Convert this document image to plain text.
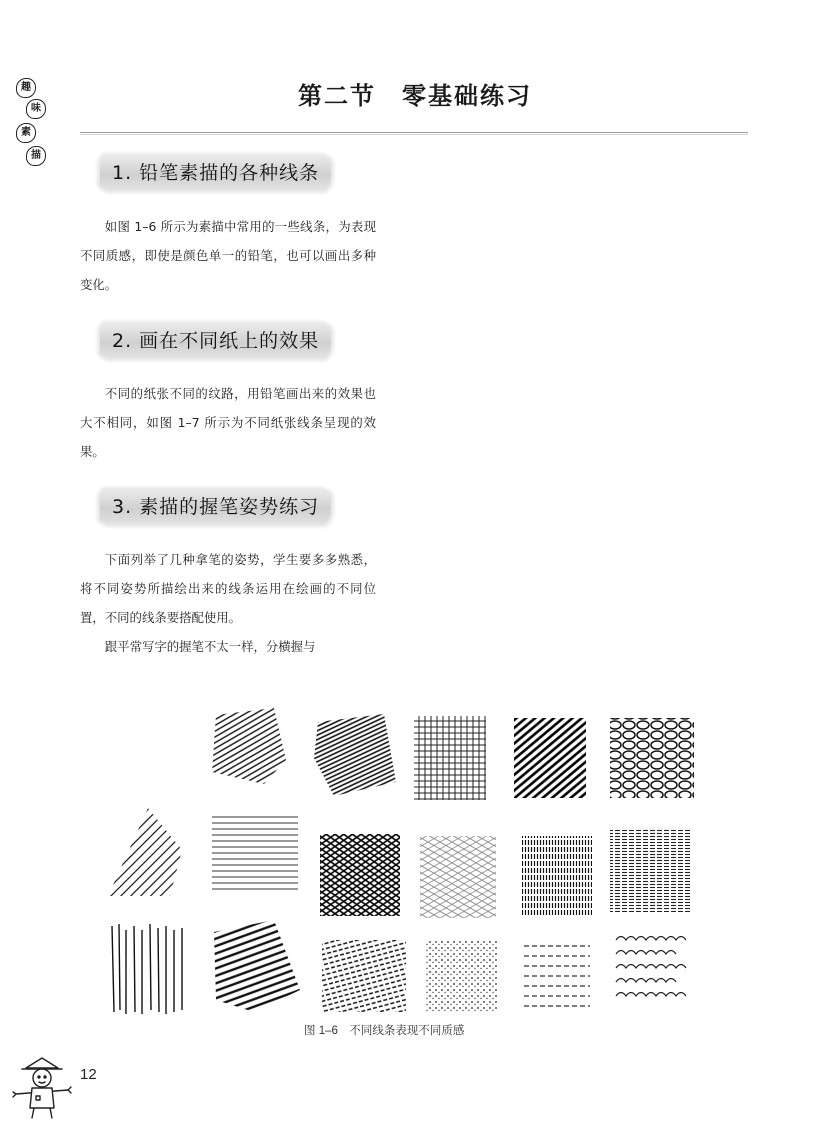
趣
味
素
描
第二节　零基础练习
1. 铅笔素描的各种线条

如图 1–6 所示为素描中常用的一些线条，为表现不同质感，即使是颜色单一的铅笔，也可以画出多种变化。

2. 画在不同纸上的效果

不同的纸张不同的纹路，用铅笔画出来的效果也大不相同，如图 1–7 所示为不同纸张线条呈现的效果。

3. 素描的握笔姿势练习

下面列举了几种拿笔的姿势，学生要多多熟悉，将不同姿势所描绘出来的线条运用在绘画的不同位置，不同的线条要搭配使用。

跟平常写字的握笔不太一样，分横握与

图 1–6　不同线条表现不同质感
12
